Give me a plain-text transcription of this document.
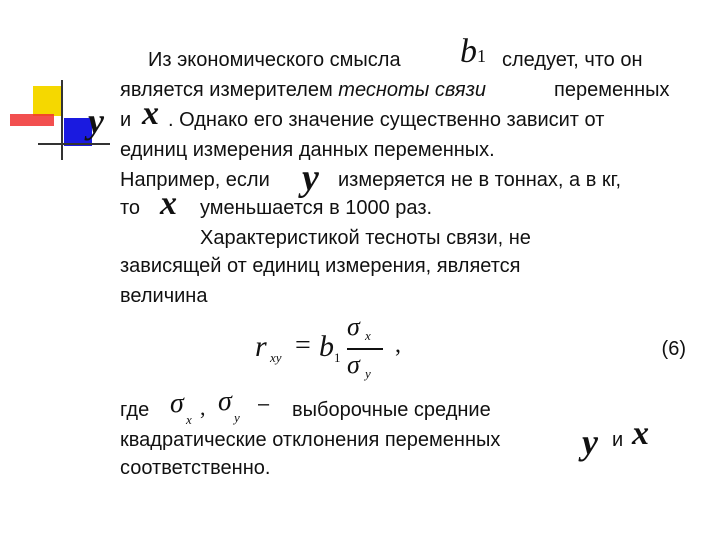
Из экономического смысла b1 следует, что он
является измерителем тесноты связи	переменных
и x . Однако его значение существенно зависит от
y
единиц измерения данных переменных.
Например, если y измеряется не в тоннах, а в кг,
то x уменьшается в 1000 раз.
Характеристикой тесноты связи, не
зависящей от единиц измерения, является
величина
r xy = b 1
σ x
σ y
,	(6)
где σ
x , σ
y
– выборочные средние
квадратические отклонения переменных y и x
соответственно.
